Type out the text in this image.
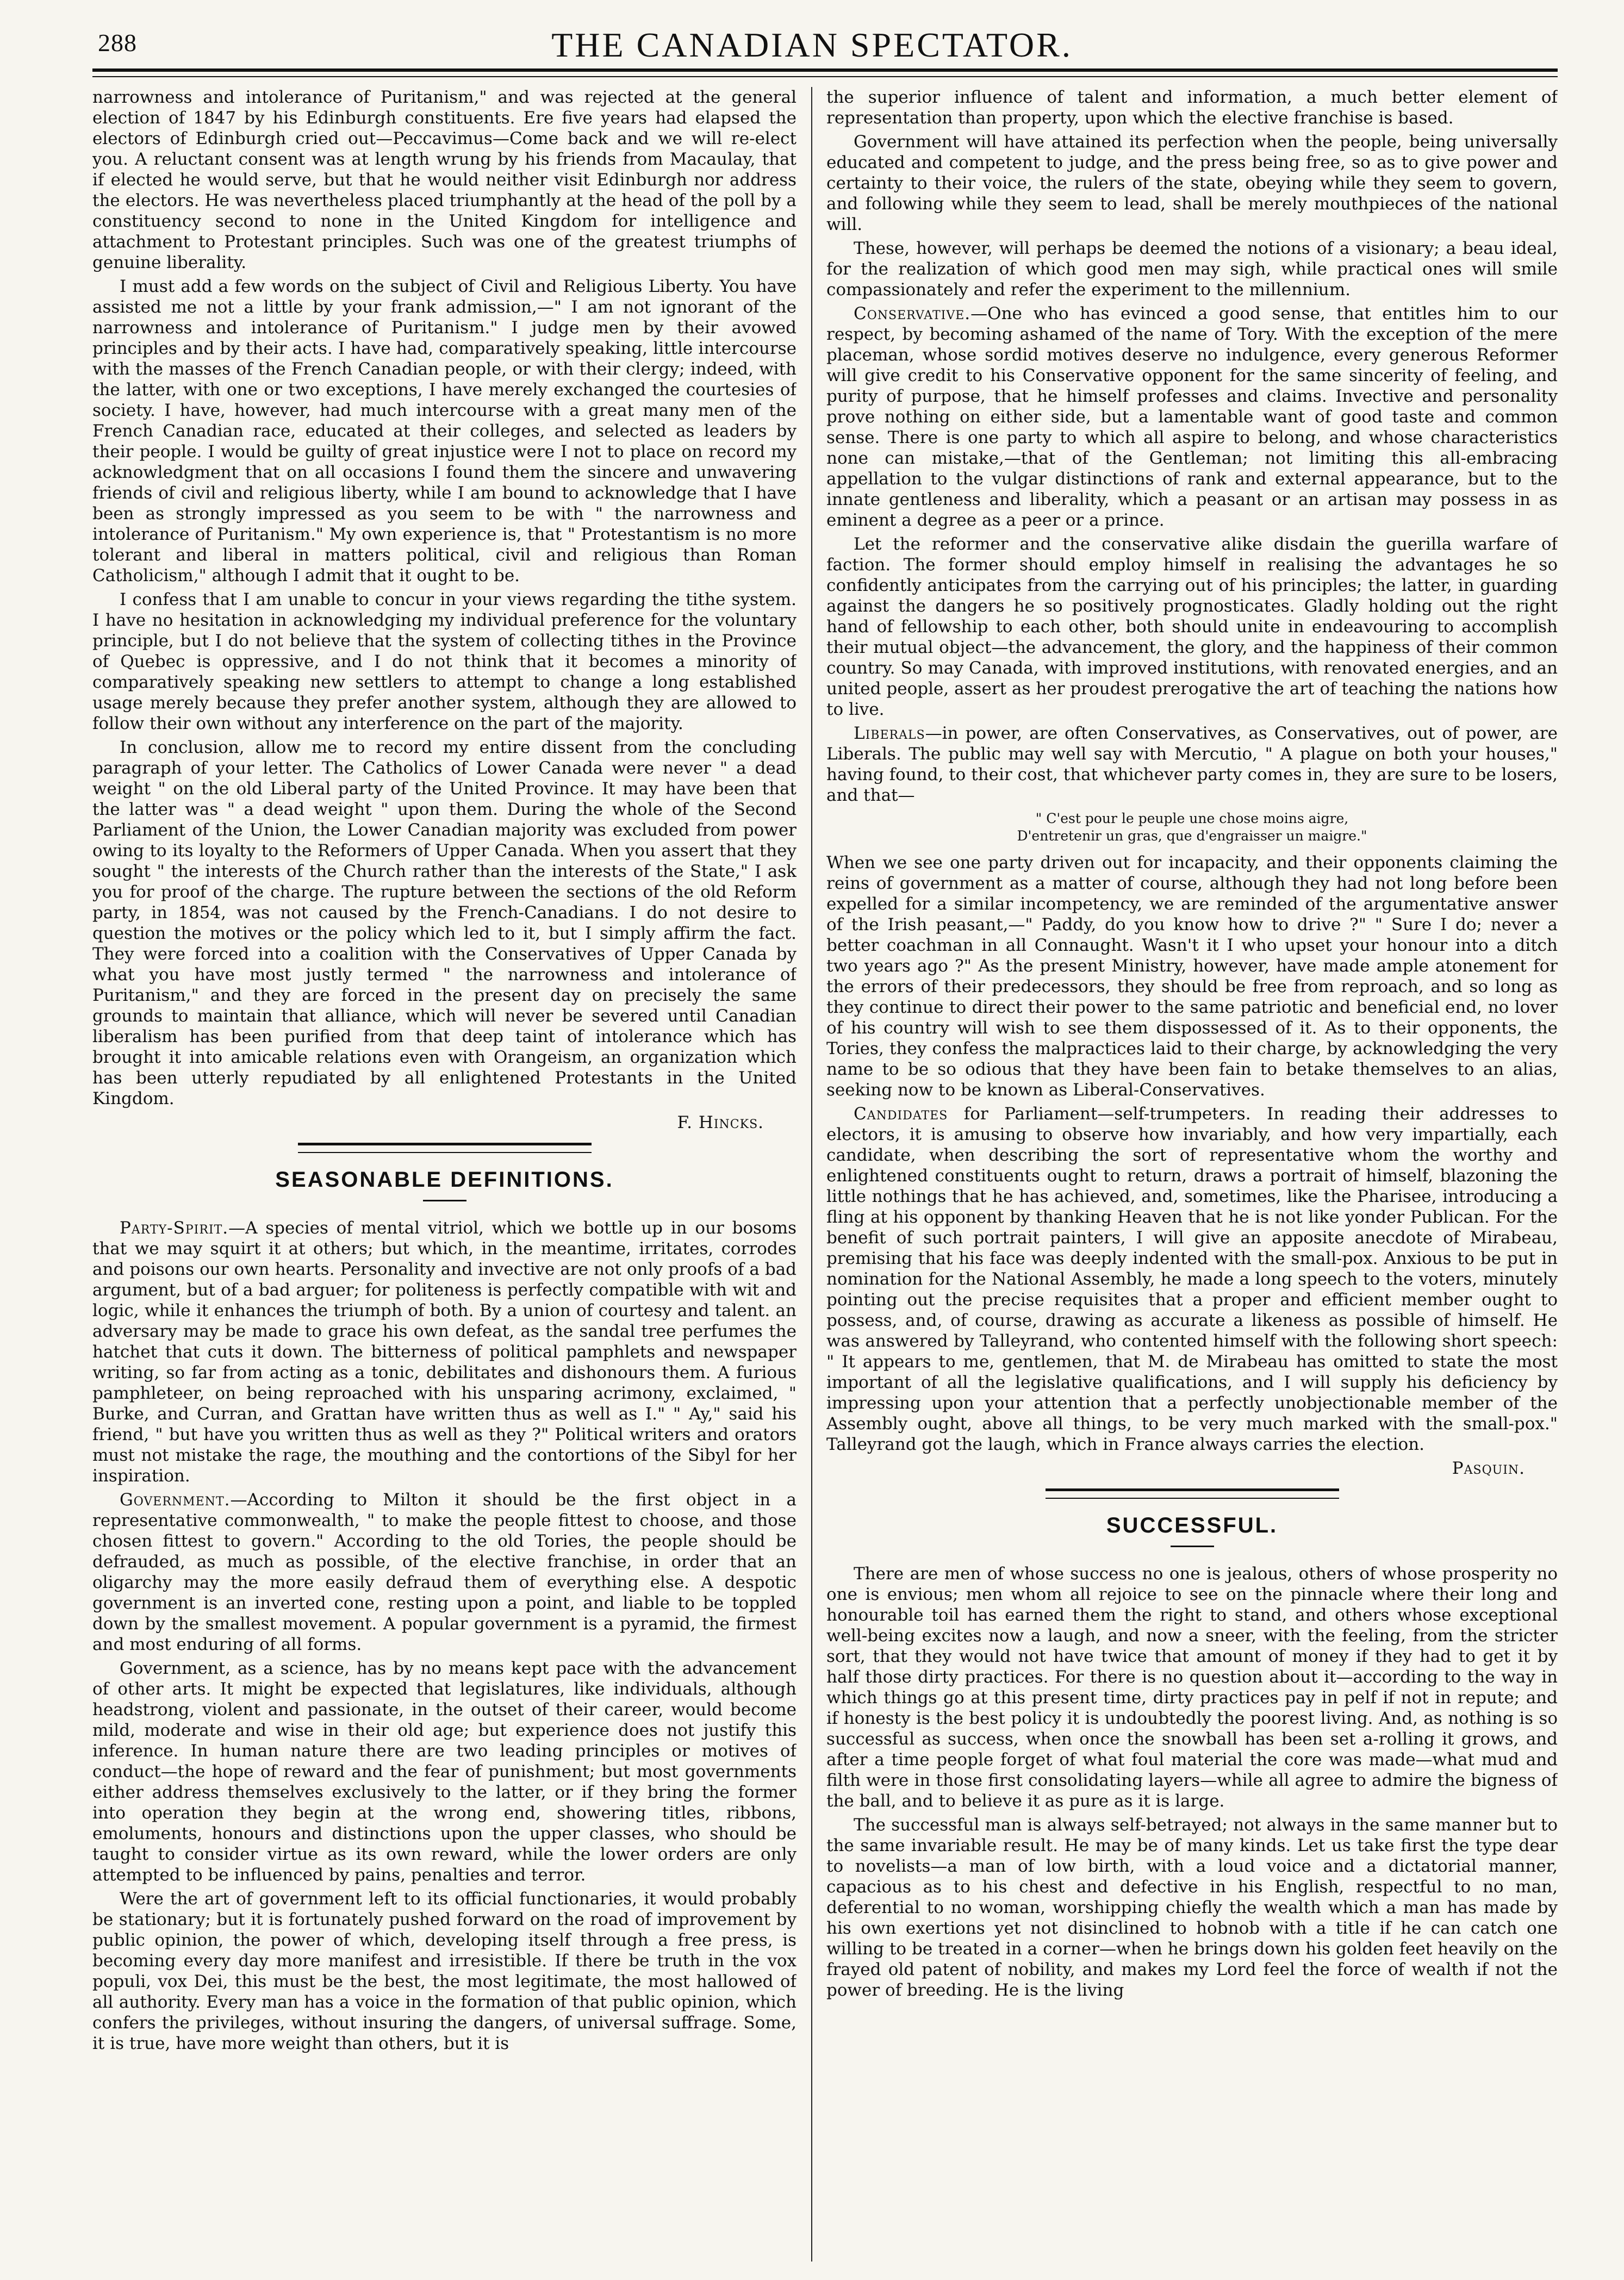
288	THE CANADIAN SPECTATOR.

narrowness and intolerance of Puritanism," and was rejected at the general election of 1847 by his Edinburgh constituents. Ere five years had elapsed the electors of Edinburgh cried out—Peccavimus—Come back and we will re-elect you. A reluctant consent was at length wrung by his friends from Macaulay, that if elected he would serve, but that he would neither visit Edinburgh nor address the electors. He was nevertheless placed triumphantly at the head of the poll by a constituency second to none in the United Kingdom for intelligence and attachment to Protestant principles. Such was one of the greatest triumphs of genuine liberality.

I must add a few words on the subject of Civil and Religious Liberty. You have assisted me not a little by your frank admission,—" I am not ignorant of the narrowness and intolerance of Puritanism." I judge men by their avowed principles and by their acts. I have had, comparatively speaking, little intercourse with the masses of the French Canadian people, or with their clergy; indeed, with the latter, with one or two exceptions, I have merely exchanged the courtesies of society. I have, however, had much intercourse with a great many men of the French Canadian race, educated at their colleges, and selected as leaders by their people. I would be guilty of great injustice were I not to place on record my acknowledgment that on all occasions I found them the sincere and unwavering friends of civil and religious liberty, while I am bound to acknowledge that I have been as strongly impressed as you seem to be with " the narrowness and intolerance of Puritanism." My own experience is, that " Protestantism is no more tolerant and liberal in matters political, civil and religious than Roman Catholicism," although I admit that it ought to be.

I confess that I am unable to concur in your views regarding the tithe system. I have no hesitation in acknowledging my individual preference for the voluntary principle, but I do not believe that the system of collecting tithes in the Province of Quebec is oppressive, and I do not think that it becomes a minority of comparatively speaking new settlers to attempt to change a long established usage merely because they prefer another system, although they are allowed to follow their own without any interference on the part of the majority.

In conclusion, allow me to record my entire dissent from the concluding paragraph of your letter. The Catholics of Lower Canada were never " a dead weight " on the old Liberal party of the United Province. It may have been that the latter was " a dead weight " upon them. During the whole of the Second Parliament of the Union, the Lower Canadian majority was excluded from power owing to its loyalty to the Reformers of Upper Canada. When you assert that they sought " the interests of the Church rather than the interests of the State," I ask you for proof of the charge. The rupture between the sections of the old Reform party, in 1854, was not caused by the French-Canadians. I do not desire to question the motives or the policy which led to it, but I simply affirm the fact. They were forced into a coalition with the Conservatives of Upper Canada by what you have most justly termed " the narrowness and intolerance of Puritanism," and they are forced in the present day on precisely the same grounds to maintain that alliance, which will never be severed until Canadian liberalism has been purified from that deep taint of intolerance which has brought it into amicable relations even with Orangeism, an organization which has been utterly repudiated by all enlightened Protestants in the United Kingdom.

F. Hincks.
SEASONABLE DEFINITIONS.

Party-Spirit.—A species of mental vitriol, which we bottle up in our bosoms that we may squirt it at others; but which, in the meantime, irritates, corrodes and poisons our own hearts. Personality and invective are not only proofs of a bad argument, but of a bad arguer; for politeness is perfectly compatible with wit and logic, while it enhances the triumph of both. By a union of courtesy and talent. an adversary may be made to grace his own defeat, as the sandal tree perfumes the hatchet that cuts it down. The bitterness of political pamphlets and newspaper writing, so far from acting as a tonic, debilitates and dishonours them. A furious pamphleteer, on being reproached with his unsparing acrimony, exclaimed, " Burke, and Curran, and Grattan have written thus as well as I." " Ay," said his friend, " but have you written thus as well as they ?" Political writers and orators must not mistake the rage, the mouthing and the contortions of the Sibyl for her inspiration.

Government.—According to Milton it should be the first object in a representative commonwealth, " to make the people fittest to choose, and those chosen fittest to govern." According to the old Tories, the people should be defrauded, as much as possible, of the elective franchise, in order that an oligarchy may the more easily defraud them of everything else. A despotic government is an inverted cone, resting upon a point, and liable to be toppled down by the smallest movement. A popular government is a pyramid, the firmest and most enduring of all forms.

Government, as a science, has by no means kept pace with the advancement of other arts. It might be expected that legislatures, like individuals, although headstrong, violent and passionate, in the outset of their career, would become mild, moderate and wise in their old age; but experience does not justify this inference. In human nature there are two leading principles or motives of conduct—the hope of reward and the fear of punishment; but most governments either address themselves exclusively to the latter, or if they bring the former into operation they begin at the wrong end, showering titles, ribbons, emoluments, honours and distinctions upon the upper classes, who should be taught to consider virtue as its own reward, while the lower orders are only attempted to be influenced by pains, penalties and terror.

Were the art of government left to its official functionaries, it would probably be stationary; but it is fortunately pushed forward on the road of improvement by public opinion, the power of which, developing itself through a free press, is becoming every day more manifest and irresistible. If there be truth in the vox populi, vox Dei, this must be the best, the most legitimate, the most hallowed of all authority. Every man has a voice in the formation of that public opinion, which confers the privileges, without insuring the dangers, of universal suffrage. Some, it is true, have more weight than others, but it is

the superior influence of talent and information, a much better element of representation than property, upon which the elective franchise is based.

Government will have attained its perfection when the people, being universally educated and competent to judge, and the press being free, so as to give power and certainty to their voice, the rulers of the state, obeying while they seem to govern, and following while they seem to lead, shall be merely mouthpieces of the national will.

These, however, will perhaps be deemed the notions of a visionary; a beau ideal, for the realization of which good men may sigh, while practical ones will smile compassionately and refer the experiment to the millennium.

Conservative.—One who has evinced a good sense, that entitles him to our respect, by becoming ashamed of the name of Tory. With the exception of the mere placeman, whose sordid motives deserve no indulgence, every generous Reformer will give credit to his Conservative opponent for the same sincerity of feeling, and purity of purpose, that he himself professes and claims. Invective and personality prove nothing on either side, but a lamentable want of good taste and common sense. There is one party to which all aspire to belong, and whose characteristics none can mistake,—that of the Gentleman; not limiting this all-embracing appellation to the vulgar distinctions of rank and external appearance, but to the innate gentleness and liberality, which a peasant or an artisan may possess in as eminent a degree as a peer or a prince.

Let the reformer and the conservative alike disdain the guerilla warfare of faction. The former should employ himself in realising the advantages he so confidently anticipates from the carrying out of his principles; the latter, in guarding against the dangers he so positively prognosticates. Gladly holding out the right hand of fellowship to each other, both should unite in endeavouring to accomplish their mutual object—the advancement, the glory, and the happiness of their common country. So may Canada, with improved institutions, with renovated energies, and an united people, assert as her proudest prerogative the art of teaching the nations how to live.

Liberals—in power, are often Conservatives, as Conservatives, out of power, are Liberals. The public may well say with Mercutio, " A plague on both your houses," having found, to their cost, that whichever party comes in, they are sure to be losers, and that—

" C'est pour le peuple une chose moins aigre,
D'entretenir un gras, que d'engraisser un maigre."

When we see one party driven out for incapacity, and their opponents claiming the reins of government as a matter of course, although they had not long before been expelled for a similar incompetency, we are reminded of the argumentative answer of the Irish peasant,—" Paddy, do you know how to drive ?" " Sure I do; never a better coachman in all Connaught. Wasn't it I who upset your honour into a ditch two years ago ?" As the present Ministry, however, have made ample atonement for the errors of their predecessors, they should be free from reproach, and so long as they continue to direct their power to the same patriotic and beneficial end, no lover of his country will wish to see them dispossessed of it. As to their opponents, the Tories, they confess the malpractices laid to their charge, by acknowledging the very name to be so odious that they have been fain to betake themselves to an alias, seeking now to be known as Liberal-Conservatives.

Candidates for Parliament—self-trumpeters. In reading their addresses to electors, it is amusing to observe how invariably, and how very impartially, each candidate, when describing the sort of representative whom the worthy and enlightened constituents ought to return, draws a portrait of himself, blazoning the little nothings that he has achieved, and, sometimes, like the Pharisee, introducing a fling at his opponent by thanking Heaven that he is not like yonder Publican. For the benefit of such portrait painters, I will give an apposite anecdote of Mirabeau, premising that his face was deeply indented with the small-pox. Anxious to be put in nomination for the National Assembly, he made a long speech to the voters, minutely pointing out the precise requisites that a proper and efficient member ought to possess, and, of course, drawing as accurate a likeness as possible of himself. He was answered by Talleyrand, who contented himself with the following short speech: " It appears to me, gentlemen, that M. de Mirabeau has omitted to state the most important of all the legislative qualifications, and I will supply his deficiency by impressing upon your attention that a perfectly unobjectionable member of the Assembly ought, above all things, to be very much marked with the small-pox." Talleyrand got the laugh, which in France always carries the election.

Pasquin.
SUCCESSFUL.

There are men of whose success no one is jealous, others of whose prosperity no one is envious; men whom all rejoice to see on the pinnacle where their long and honourable toil has earned them the right to stand, and others whose exceptional well-being excites now a laugh, and now a sneer, with the feeling, from the stricter sort, that they would not have twice that amount of money if they had to get it by half those dirty practices. For there is no question about it—according to the way in which things go at this present time, dirty practices pay in pelf if not in repute; and if honesty is the best policy it is undoubtedly the poorest living. And, as nothing is so successful as success, when once the snowball has been set a-rolling it grows, and after a time people forget of what foul material the core was made—what mud and filth were in those first consolidating layers—while all agree to admire the bigness of the ball, and to believe it as pure as it is large.

The successful man is always self-betrayed; not always in the same manner but to the same invariable result. He may be of many kinds. Let us take first the type dear to novelists—a man of low birth, with a loud voice and a dictatorial manner, capacious as to his chest and defective in his English, respectful to no man, deferential to no woman, worshipping chiefly the wealth which a man has made by his own exertions yet not disinclined to hobnob with a title if he can catch one willing to be treated in a corner—when he brings down his golden feet heavily on the frayed old patent of nobility, and makes my Lord feel the force of wealth if not the power of breeding. He is the living
